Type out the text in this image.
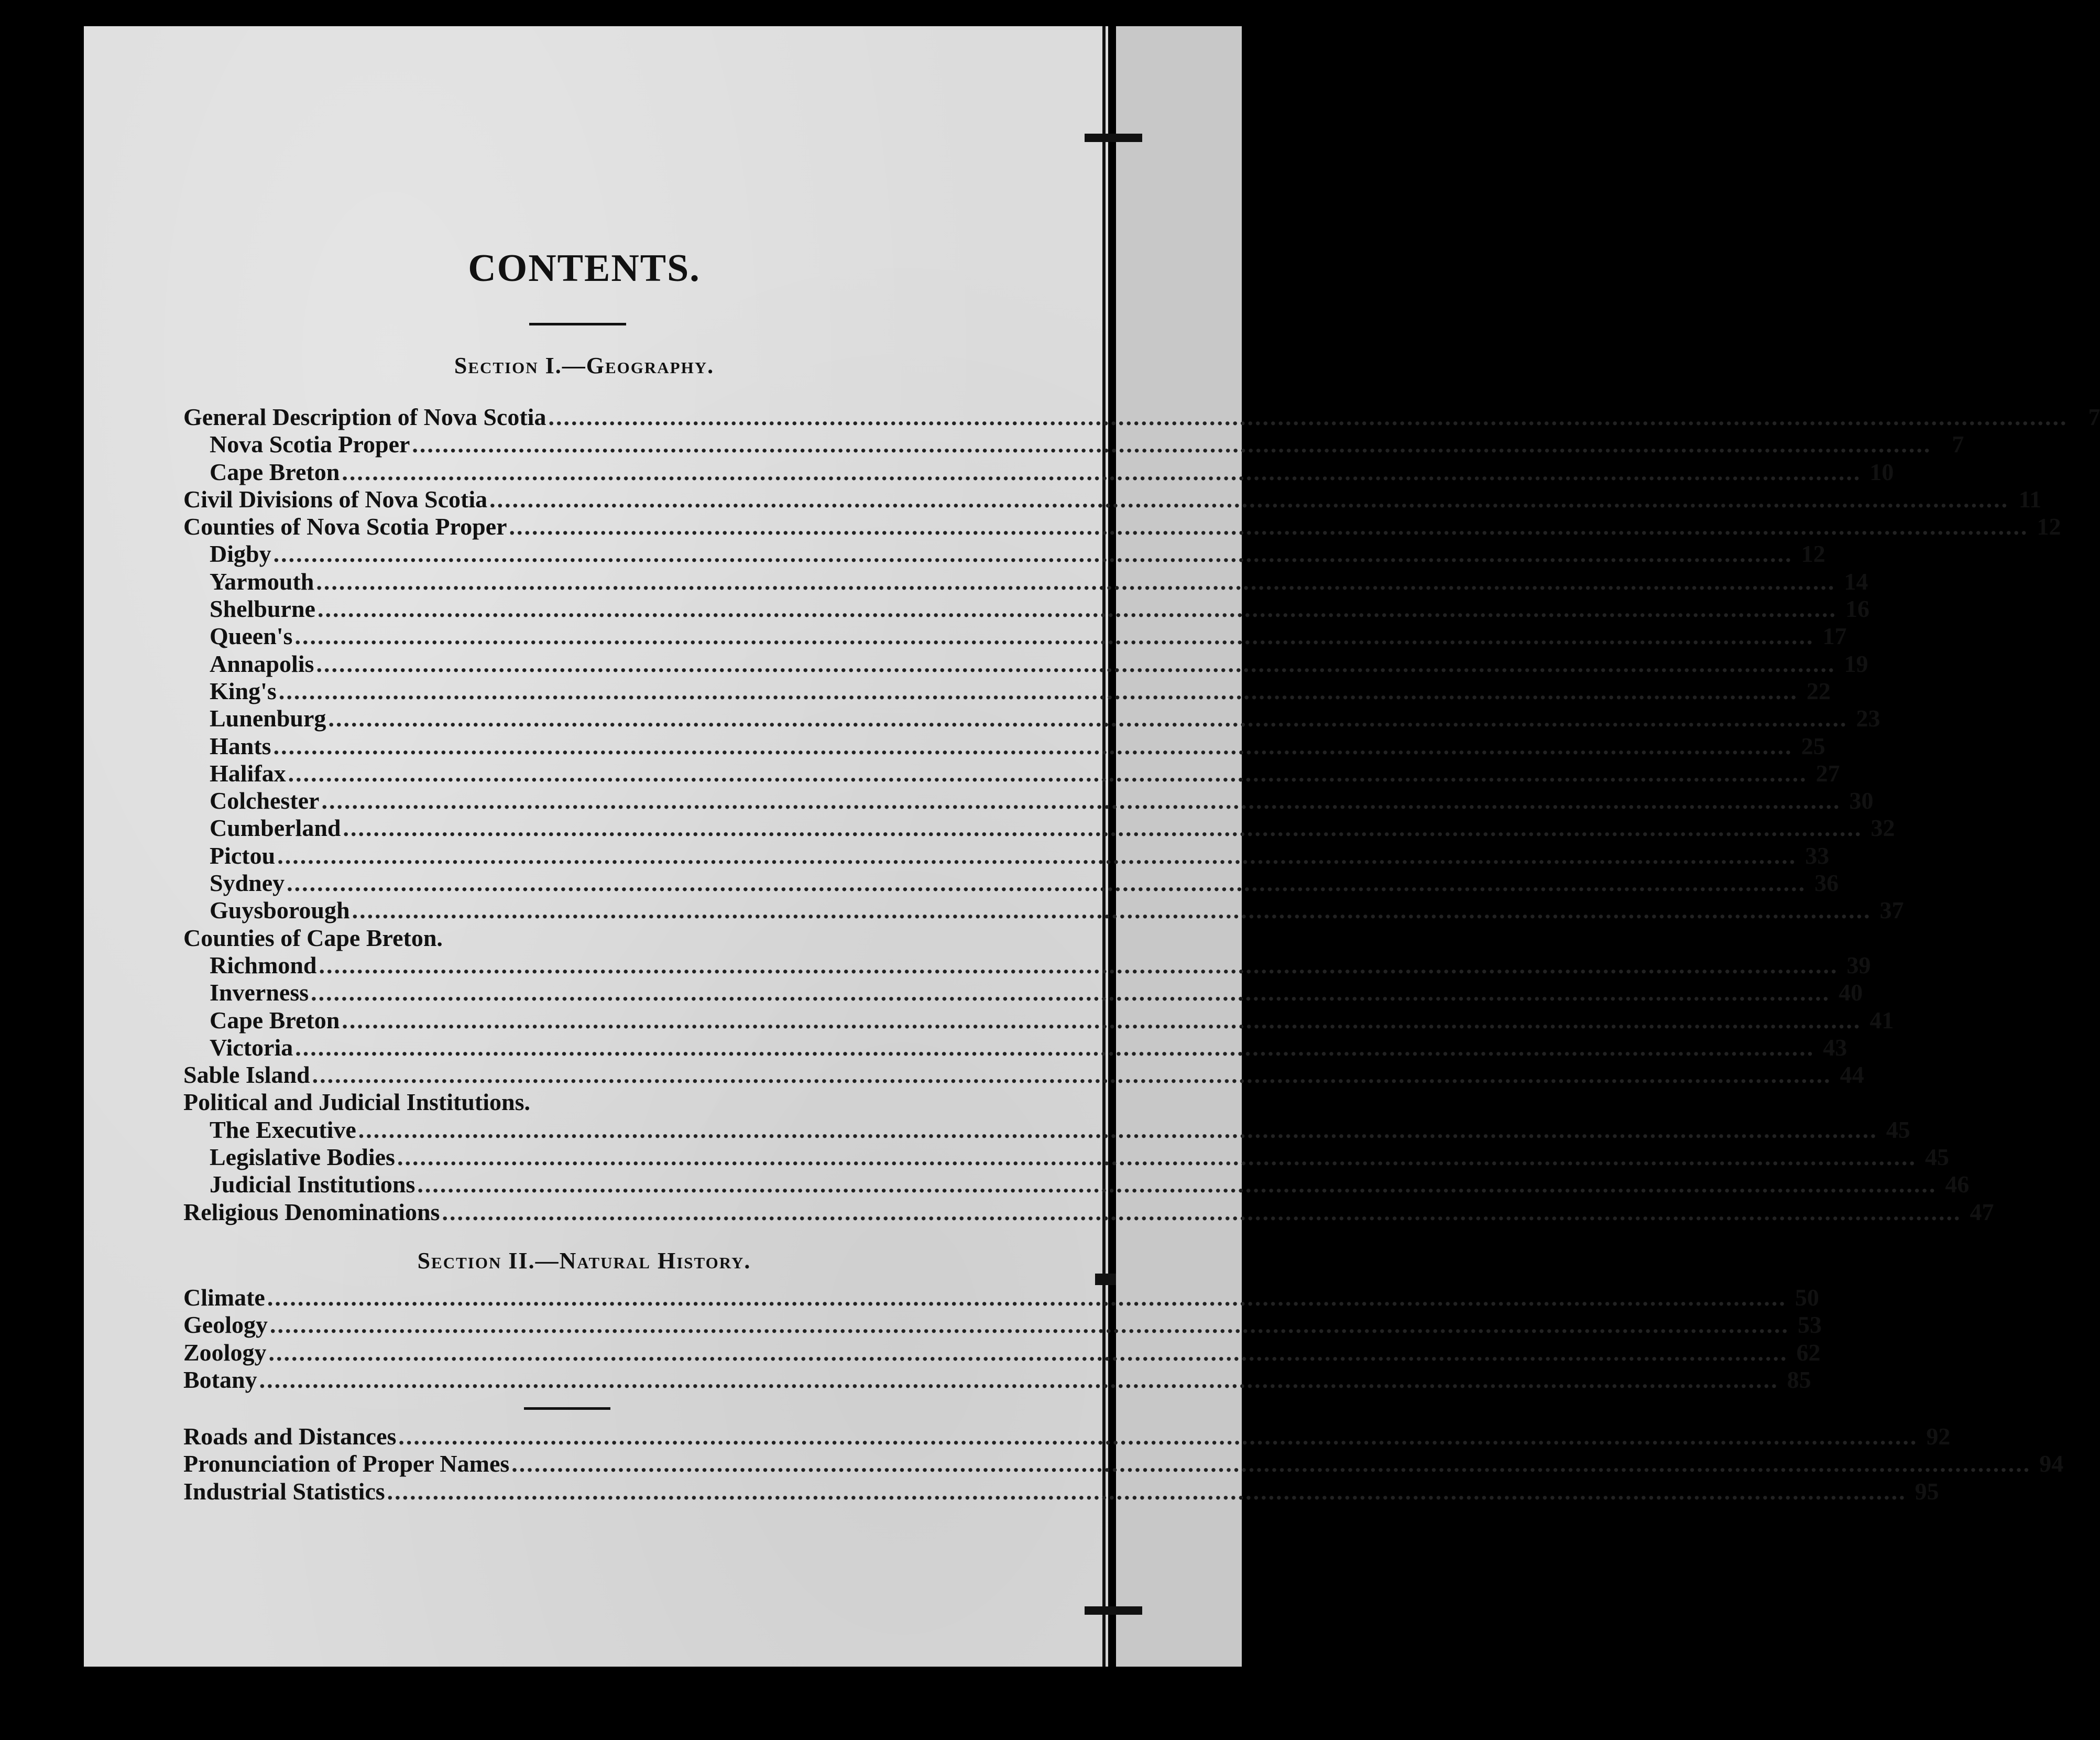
CONTENTS.
Section I.—Geography.
General Description of Nova Scotia ........................................................................................................................................................................................................ 7
Nova Scotia Proper ........................................................................................................................................................................................................ 7
Cape Breton ........................................................................................................................................................................................................ 10
Civil Divisions of Nova Scotia ........................................................................................................................................................................................................ 11
Counties of Nova Scotia Proper ........................................................................................................................................................................................................ 12
Digby ........................................................................................................................................................................................................ 12
Yarmouth ........................................................................................................................................................................................................ 14
Shelburne ........................................................................................................................................................................................................ 16
Queen's ........................................................................................................................................................................................................ 17
Annapolis ........................................................................................................................................................................................................ 19
King's ........................................................................................................................................................................................................ 22
Lunenburg ........................................................................................................................................................................................................ 23
Hants ........................................................................................................................................................................................................ 25
Halifax ........................................................................................................................................................................................................ 27
Colchester ........................................................................................................................................................................................................ 30
Cumberland ........................................................................................................................................................................................................ 32
Pictou ........................................................................................................................................................................................................ 33
Sydney ........................................................................................................................................................................................................ 36
Guysborough ........................................................................................................................................................................................................ 37
Counties of Cape Breton.
Richmond ........................................................................................................................................................................................................ 39
Inverness ........................................................................................................................................................................................................ 40
Cape Breton ........................................................................................................................................................................................................ 41
Victoria ........................................................................................................................................................................................................ 43
Sable Island ........................................................................................................................................................................................................ 44
Political and Judicial Institutions.
The Executive ........................................................................................................................................................................................................ 45
Legislative Bodies ........................................................................................................................................................................................................ 45
Judicial Institutions ........................................................................................................................................................................................................ 46
Religious Denominations ........................................................................................................................................................................................................ 47
Section II.—Natural History.
Climate ........................................................................................................................................................................................................ 50
Geology ........................................................................................................................................................................................................ 53
Zoology ........................................................................................................................................................................................................ 62
Botany ........................................................................................................................................................................................................ 85
Roads and Distances ........................................................................................................................................................................................................ 92
Pronunciation of Proper Names ........................................................................................................................................................................................................ 94
Industrial Statistics ........................................................................................................................................................................................................ 95
